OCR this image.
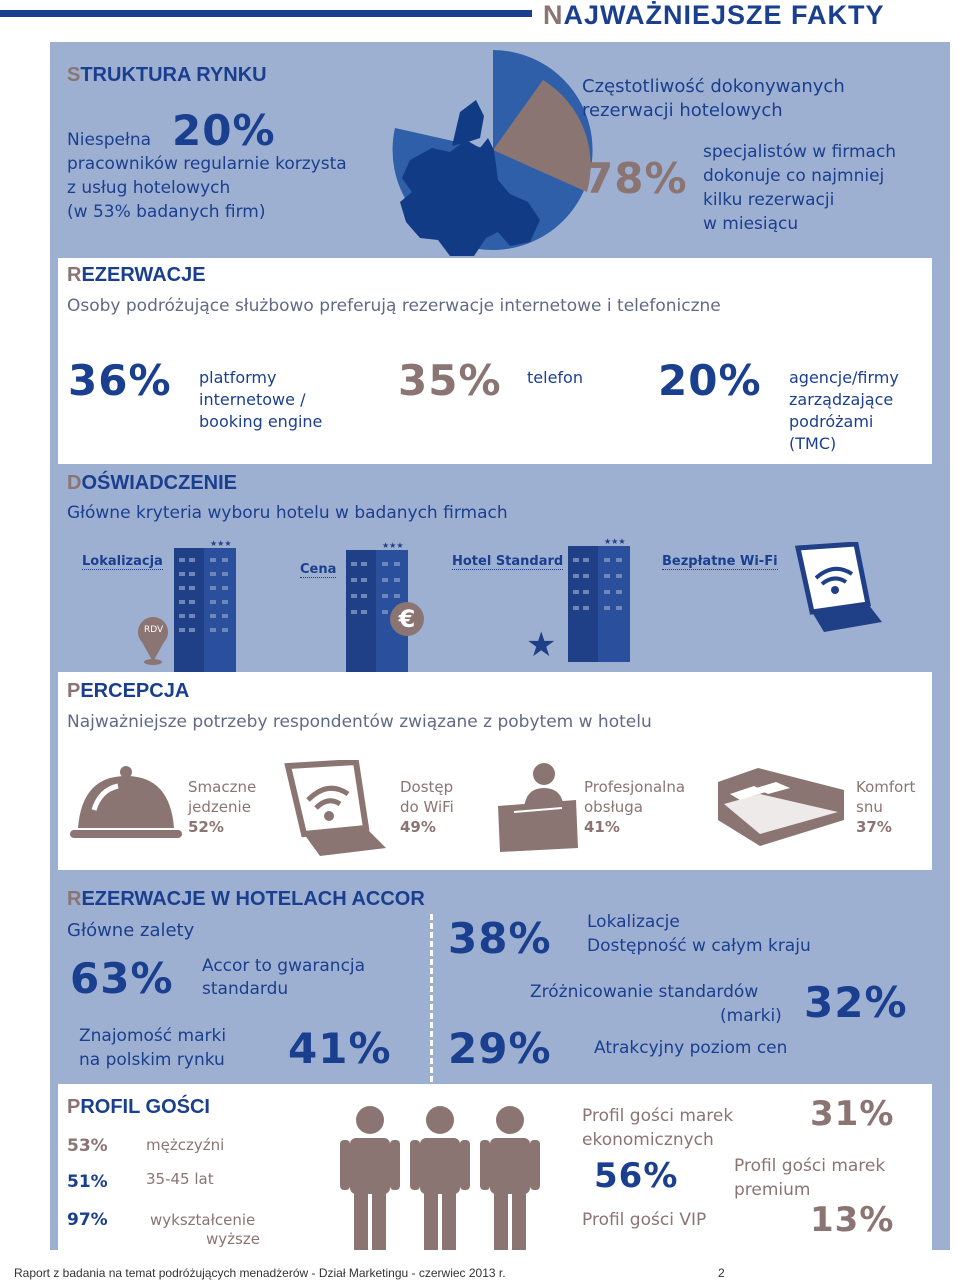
NAJWAŻNIEJSZE FAKTY
STRUKTURA RYNKU
Niespełna 20%
pracowników regularnie korzysta
z usług hotelowych
(w 53% badanych firm)
Częstotliwość dokonywanych
rezerwacji hotelowych
78%
specjalistów w firmach
dokonuje co najmniej
kilku rezerwacji
w miesiącu
REZERWACJE
Osoby podróżujące służbowo preferują rezerwacje internetowe i telefoniczne
36% platformy
internetowe /
booking engine
35% telefon 20% agencje/firmy
zarządzające
podróżami
(TMC)
DOŚWIADCZENIE
Główne kryteria wyboru hotelu w badanych firmach
Lokalizacja
★★★
RDV
Cena
★★★
€
Hotel Standard
★★★
★
Bezpłatne Wi-Fi
PERCEPCJA
Najważniejsze potrzeby respondentów związane z pobytem w hotelu
Smaczne
jedzenie
52%
Dostęp
do WiFi
49%
Profesjonalna
obsługa
41%
Komfort
snu
37%
REZERWACJE W HOTELACH ACCOR
Główne zalety
63% Accor to gwarancja
standardu
Znajomość marki
na polskim rynku 41%
38% Lokalizacje
Dostępność w całym kraju
Zróżnicowanie standardów
(marki) 32%
29% Atrakcyjny poziom cen
PROFIL GOŚCI
53%	mężczyźni
51%	35-45 lat
97%	wykształcenie
wyższe
Profil gości marek
ekonomicznych
31%
56%	Profil gości marek
premium
Profil gości VIP	13%
Raport z badania na temat podróżujących menadżerów - Dział Marketingu - czerwiec 2013 r.	2
